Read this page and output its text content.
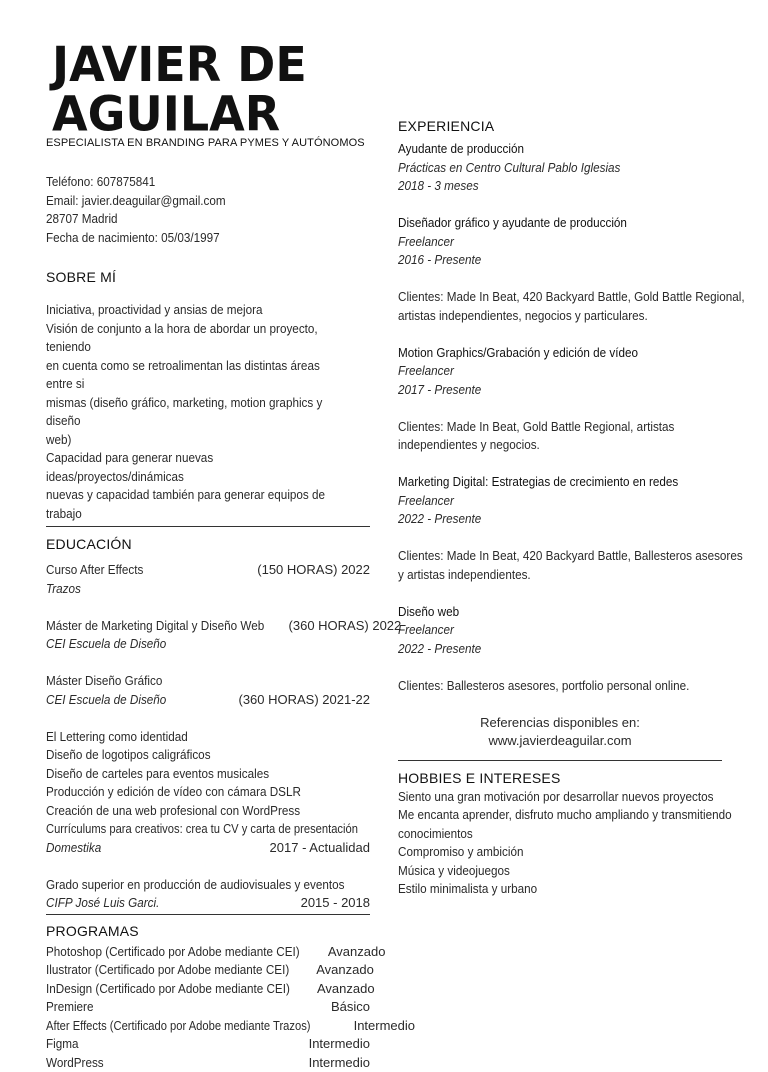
JAVIER DE
AGUILAR
ESPECIALISTA EN BRANDING PARA PYMES Y AUTÓNOMOS
Teléfono: 607875841
Email: javier.deaguilar@gmail.com
28707 Madrid
Fecha de nacimiento: 05/03/1997
SOBRE MÍ
Iniciativa, proactividad y ansias de mejora
Visión de conjunto a la hora de abordar un proyecto, teniendo
en cuenta como se retroalimentan las distintas áreas entre si
mismas (diseño gráfico, marketing, motion graphics y diseño
web)
Capacidad para generar nuevas ideas/proyectos/dinámicas
nuevas y capacidad también para generar equipos de trabajo
EDUCACIÓN
Curso After Effects	(150 HORAS) 2022
Trazos
Máster de Marketing Digital y Diseño Web (360 HORAS) 2022
CEI Escuela de Diseño
Máster Diseño Gráfico
CEI Escuela de Diseño	(360 HORAS) 2021-22
El Lettering como identidad
Diseño de logotipos caligráficos
Diseño de carteles para eventos musicales
Producción y edición de vídeo con cámara DSLR
Creación de una web profesional con WordPress
Currículums para creativos: crea tu CV y carta de presentación
Domestika	2017 - Actualidad
Grado superior en producción de audiovisuales y eventos
CIFP José Luis Garci.	2015 - 2018
PROGRAMAS
Photoshop (Certificado por Adobe mediante CEI) Avanzado
Ilustrator (Certificado por Adobe mediante CEI) Avanzado
InDesign (Certificado por Adobe mediante CEI) Avanzado
Premiere	Básico
After Effects (Certificado por Adobe mediante Trazos)	Intermedio
Figma	Intermedio
WordPress	Intermedio
EXPERIENCIA
Ayudante de producción
Prácticas en Centro Cultural Pablo Iglesias
2018 - 3 meses
Diseñador gráfico y ayudante de producción
Freelancer
2016 - Presente
Clientes: Made In Beat, 420 Backyard Battle, Gold Battle Regional,
artistas independientes, negocios y particulares.
Motion Graphics/Grabación y edición de vídeo
Freelancer
2017 - Presente
Clientes: Made In Beat, Gold Battle Regional, artistas
independientes y negocios.
Marketing Digital: Estrategias de crecimiento en redes
Freelancer
2022 - Presente
Clientes: Made In Beat, 420 Backyard Battle, Ballesteros asesores
y artistas independientes.
Diseño web
Freelancer
2022 - Presente
Clientes: Ballesteros asesores, portfolio personal online.
Referencias disponibles en:
www.javierdeaguilar.com
HOBBIES E INTERESES
Siento una gran motivación por desarrollar nuevos proyectos
Me encanta aprender, disfruto mucho ampliando y transmitiendo
conocimientos
Compromiso y ambición
Música y videojuegos
Estilo minimalista y urbano
